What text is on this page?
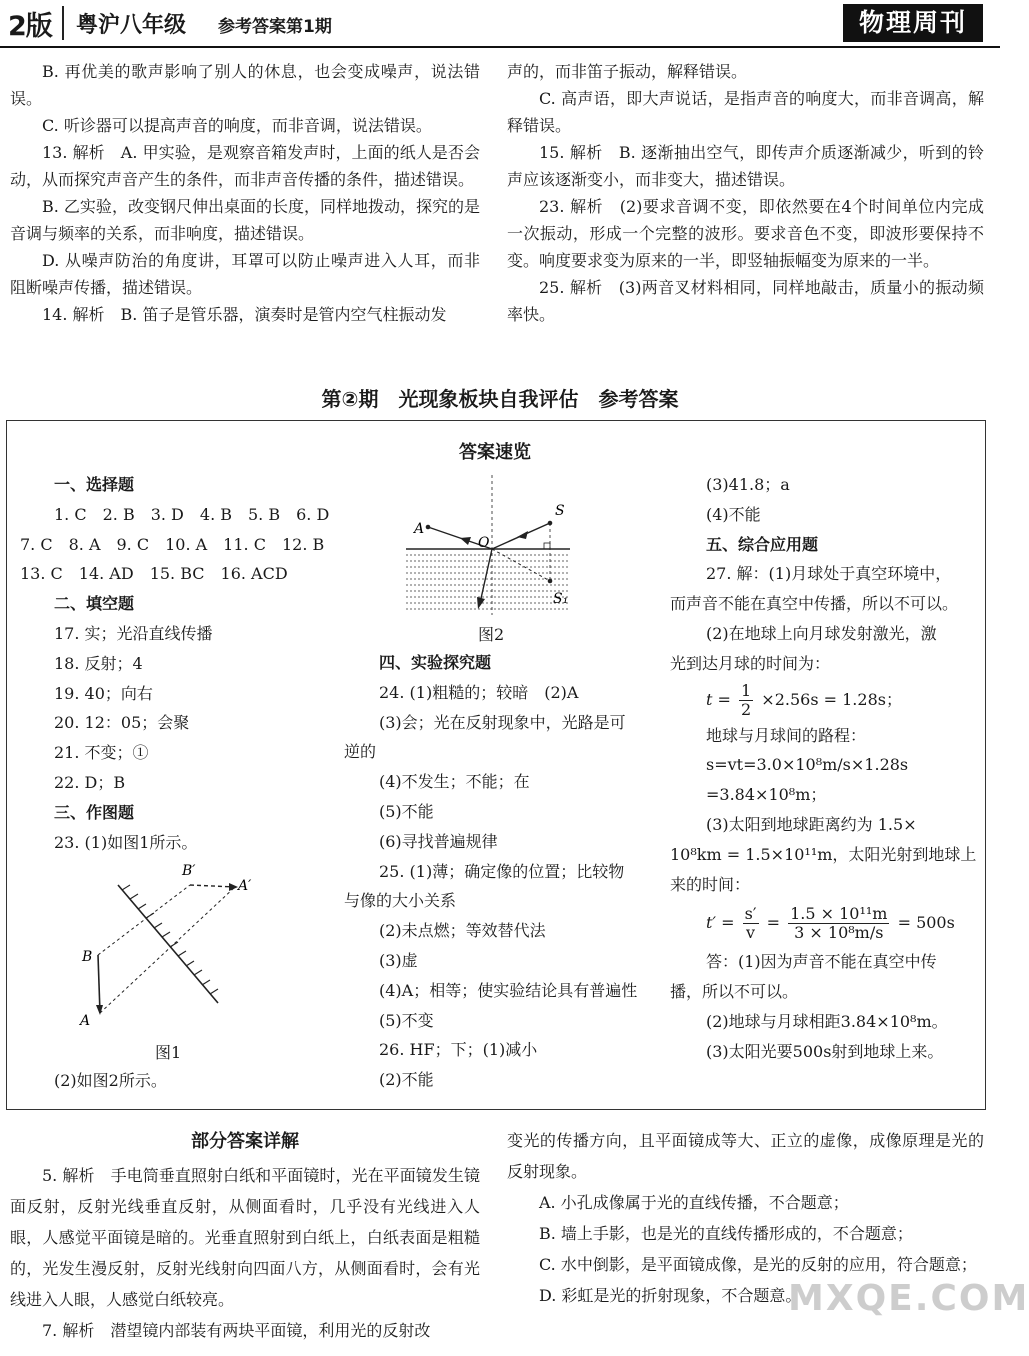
2版 粤沪八年级 参考答案第1期	物理周刊

B. 再优美的歌声影响了别人的休息，也会变成噪声，说法错误。

C. 听诊器可以提高声音的响度，而非音调，说法错误。

13. 解析　A. 甲实验，是观察音箱发声时，上面的纸人是否会动，从而探究声音产生的条件，而非声音传播的条件，描述错误。

B. 乙实验，改变钢尺伸出桌面的长度，同样地拨动，探究的是音调与频率的关系，而非响度，描述错误。

D. 从噪声防治的角度讲，耳罩可以防止噪声进入人耳，而非阻断噪声传播，描述错误。

14. 解析　B. 笛子是管乐器，演奏时是管内空气柱振动发

声的，而非笛子振动，解释错误。

C. 高声语，即大声说话，是指声音的响度大，而非音调高，解释错误。

15. 解析　B. 逐渐抽出空气，即传声介质逐渐减少，听到的铃声应该逐渐变小，而非变大，描述错误。

23. 解析　(2)要求音调不变，即依然要在4个时间单位内完成一次振动，形成一个完整的波形。要求音色不变，即波形要保持不变。响度要求变为原来的一半，即竖轴振幅变为原来的一半。

25. 解析　(3)两音叉材料相同，同样地敲击，质量小的振动频率快。

第②期　光现象板块自我评估　参考答案
答案速览
一、选择题
1. C　2. B　3. D　4. B　5. B　6. D
7. C　8. A　9. C　10. A　11. C　12. B
13. C　14. AD　15. BC　16. ACD
二、填空题
17. 实；光沿直线传播
18. 反射；4
19. 40；向右
20. 12：05；会聚
21. 不变；①
22. D；B
三、作图题
23. (1)如图1所示。
B′
A′
B
A
图1
(2)如图2所示。
A
O
S
S₁
图2
四、实验探究题
24. (1)粗糙的；较暗　(2)A
(3)会；光在反射现象中，光路是可
逆的
(4)不发生；不能；在
(5)不能
(6)寻找普遍规律
25. (1)薄；确定像的位置；比较物
与像的大小关系
(2)未点燃；等效替代法
(3)虚
(4)A；相等；使实验结论具有普遍性
(5)不变
26. HF；下；(1)减小
(2)不能
(3)41.8；a
(4)不能
五、综合应用题
27. 解：(1)月球处于真空环境中，
而声音不能在真空中传播，所以不可以。
(2)在地球上向月球发射激光，激
光到达月球的时间为：
$t = \frac{1}{2} \times 2.56s = 1.28s$；
地球与月球间的路程：
s=vt=3.0×10⁸m/s×1.28s
=3.84×10⁸m；
(3)太阳到地球距离约为 1.5×
10⁸km = 1.5×10¹¹m，太阳光射到地球上
来的时间：
$t' = \frac{s'}{v} = \frac{\text{1.5 × 10¹¹m}}{\text{3 × 10⁸m/s}} = 500s$
答：(1)因为声音不能在真空中传
播，所以不可以。
(2)地球与月球相距3.84×10⁸m。
(3)太阳光要500s射到地球上来。
部分答案详解

5. 解析　手电筒垂直照射白纸和平面镜时，光在平面镜发生镜面反射，反射光线垂直反射，从侧面看时，几乎没有光线进入人眼，人感觉平面镜是暗的。光垂直照射到白纸上，白纸表面是粗糙的，光发生漫反射，反射光线射向四面八方，从侧面看时，会有光线进入人眼，人感觉白纸较亮。

7. 解析　潜望镜内部装有两块平面镜，利用光的反射改

变光的传播方向，且平面镜成等大、正立的虚像，成像原理是光的反射现象。

A. 小孔成像属于光的直线传播，不合题意；

B. 墙上手影，也是光的直线传播形成的，不合题意；

C. 水中倒影，是平面镜成像，是光的反射的应用，符合题意；

D. 彩虹是光的折射现象，不合题意。

MXQE.COM
